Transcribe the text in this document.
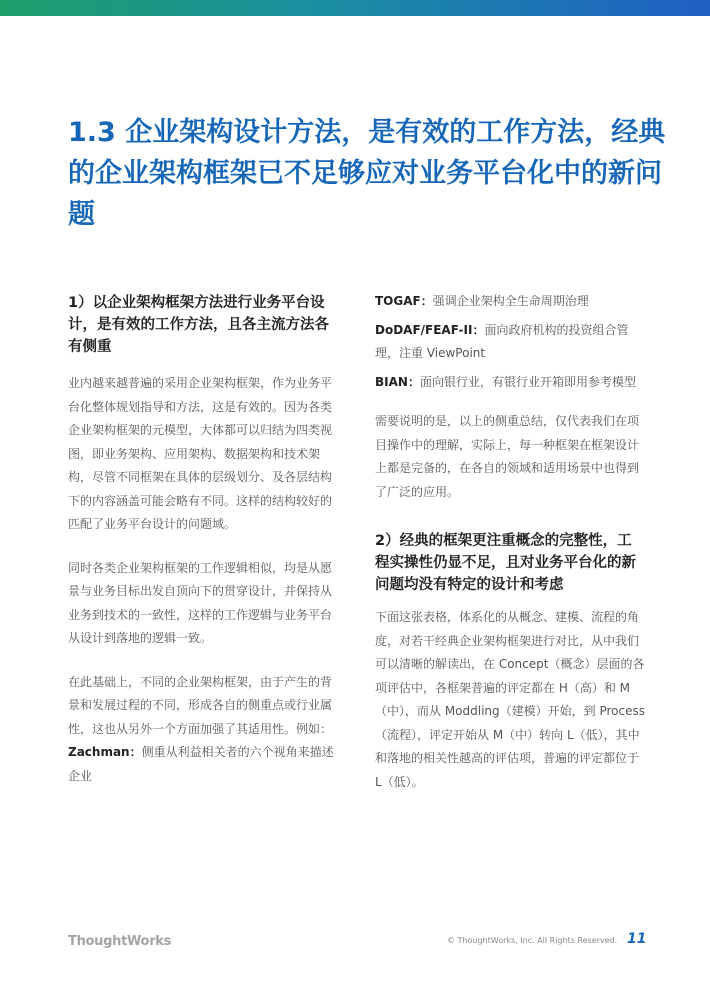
1.3 企业架构设计方法，是有效的工作方法，经典的企业架构框架已不足够应对业务平台化中的新问题

1）以企业架构框架方法进行业务平台设计，是有效的工作方法，且各主流方法各有侧重

业内越来越普遍的采用企业架构框架，作为业务平台化整体规划指导和方法，这是有效的。因为各类企业架构框架的元模型，大体都可以归结为四类视图，即业务架构、应用架构、数据架构和技术架构，尽管不同框架在具体的层级划分、及各层结构下的内容涵盖可能会略有不同。这样的结构较好的匹配了业务平台设计的问题域。

同时各类企业架构框架的工作逻辑相似，均是从愿景与业务目标出发自顶向下的贯穿设计，并保持从业务到技术的一致性，这样的工作逻辑与业务平台从设计到落地的逻辑一致。

在此基础上，不同的企业架构框架，由于产生的背景和发展过程的不同，形成各自的侧重点或行业属性，这也从另外一个方面加强了其适用性。例如：

Zachman：侧重从利益相关者的六个视角来描述企业

TOGAF：强调企业架构全生命周期治理

DoDAF/FEAF-II：面向政府机构的投资组合管理，注重 ViewPoint

BIAN：面向银行业，有银行业开箱即用参考模型

需要说明的是，以上的侧重总结，仅代表我们在项目操作中的理解，实际上，每一种框架在框架设计上都是完备的，在各自的领域和适用场景中也得到了广泛的应用。

2）经典的框架更注重概念的完整性，工程实操性仍显不足，且对业务平台化的新问题均没有特定的设计和考虑

下面这张表格，体系化的从概念、建模、流程的角度，对若干经典企业架构框架进行对比，从中我们可以清晰的解读出，在 Concept（概念）层面的各项评估中，各框架普遍的评定都在 H（高）和 M（中），而从 Moddling（建模）开始，到 Process（流程），评定开始从 M（中）转向 L（低），其中和落地的相关性越高的评估项，普遍的评定都位于 L（低）。

ThoughtWorks	© ThoughtWorks, Inc. All Rights Reserved. 11
